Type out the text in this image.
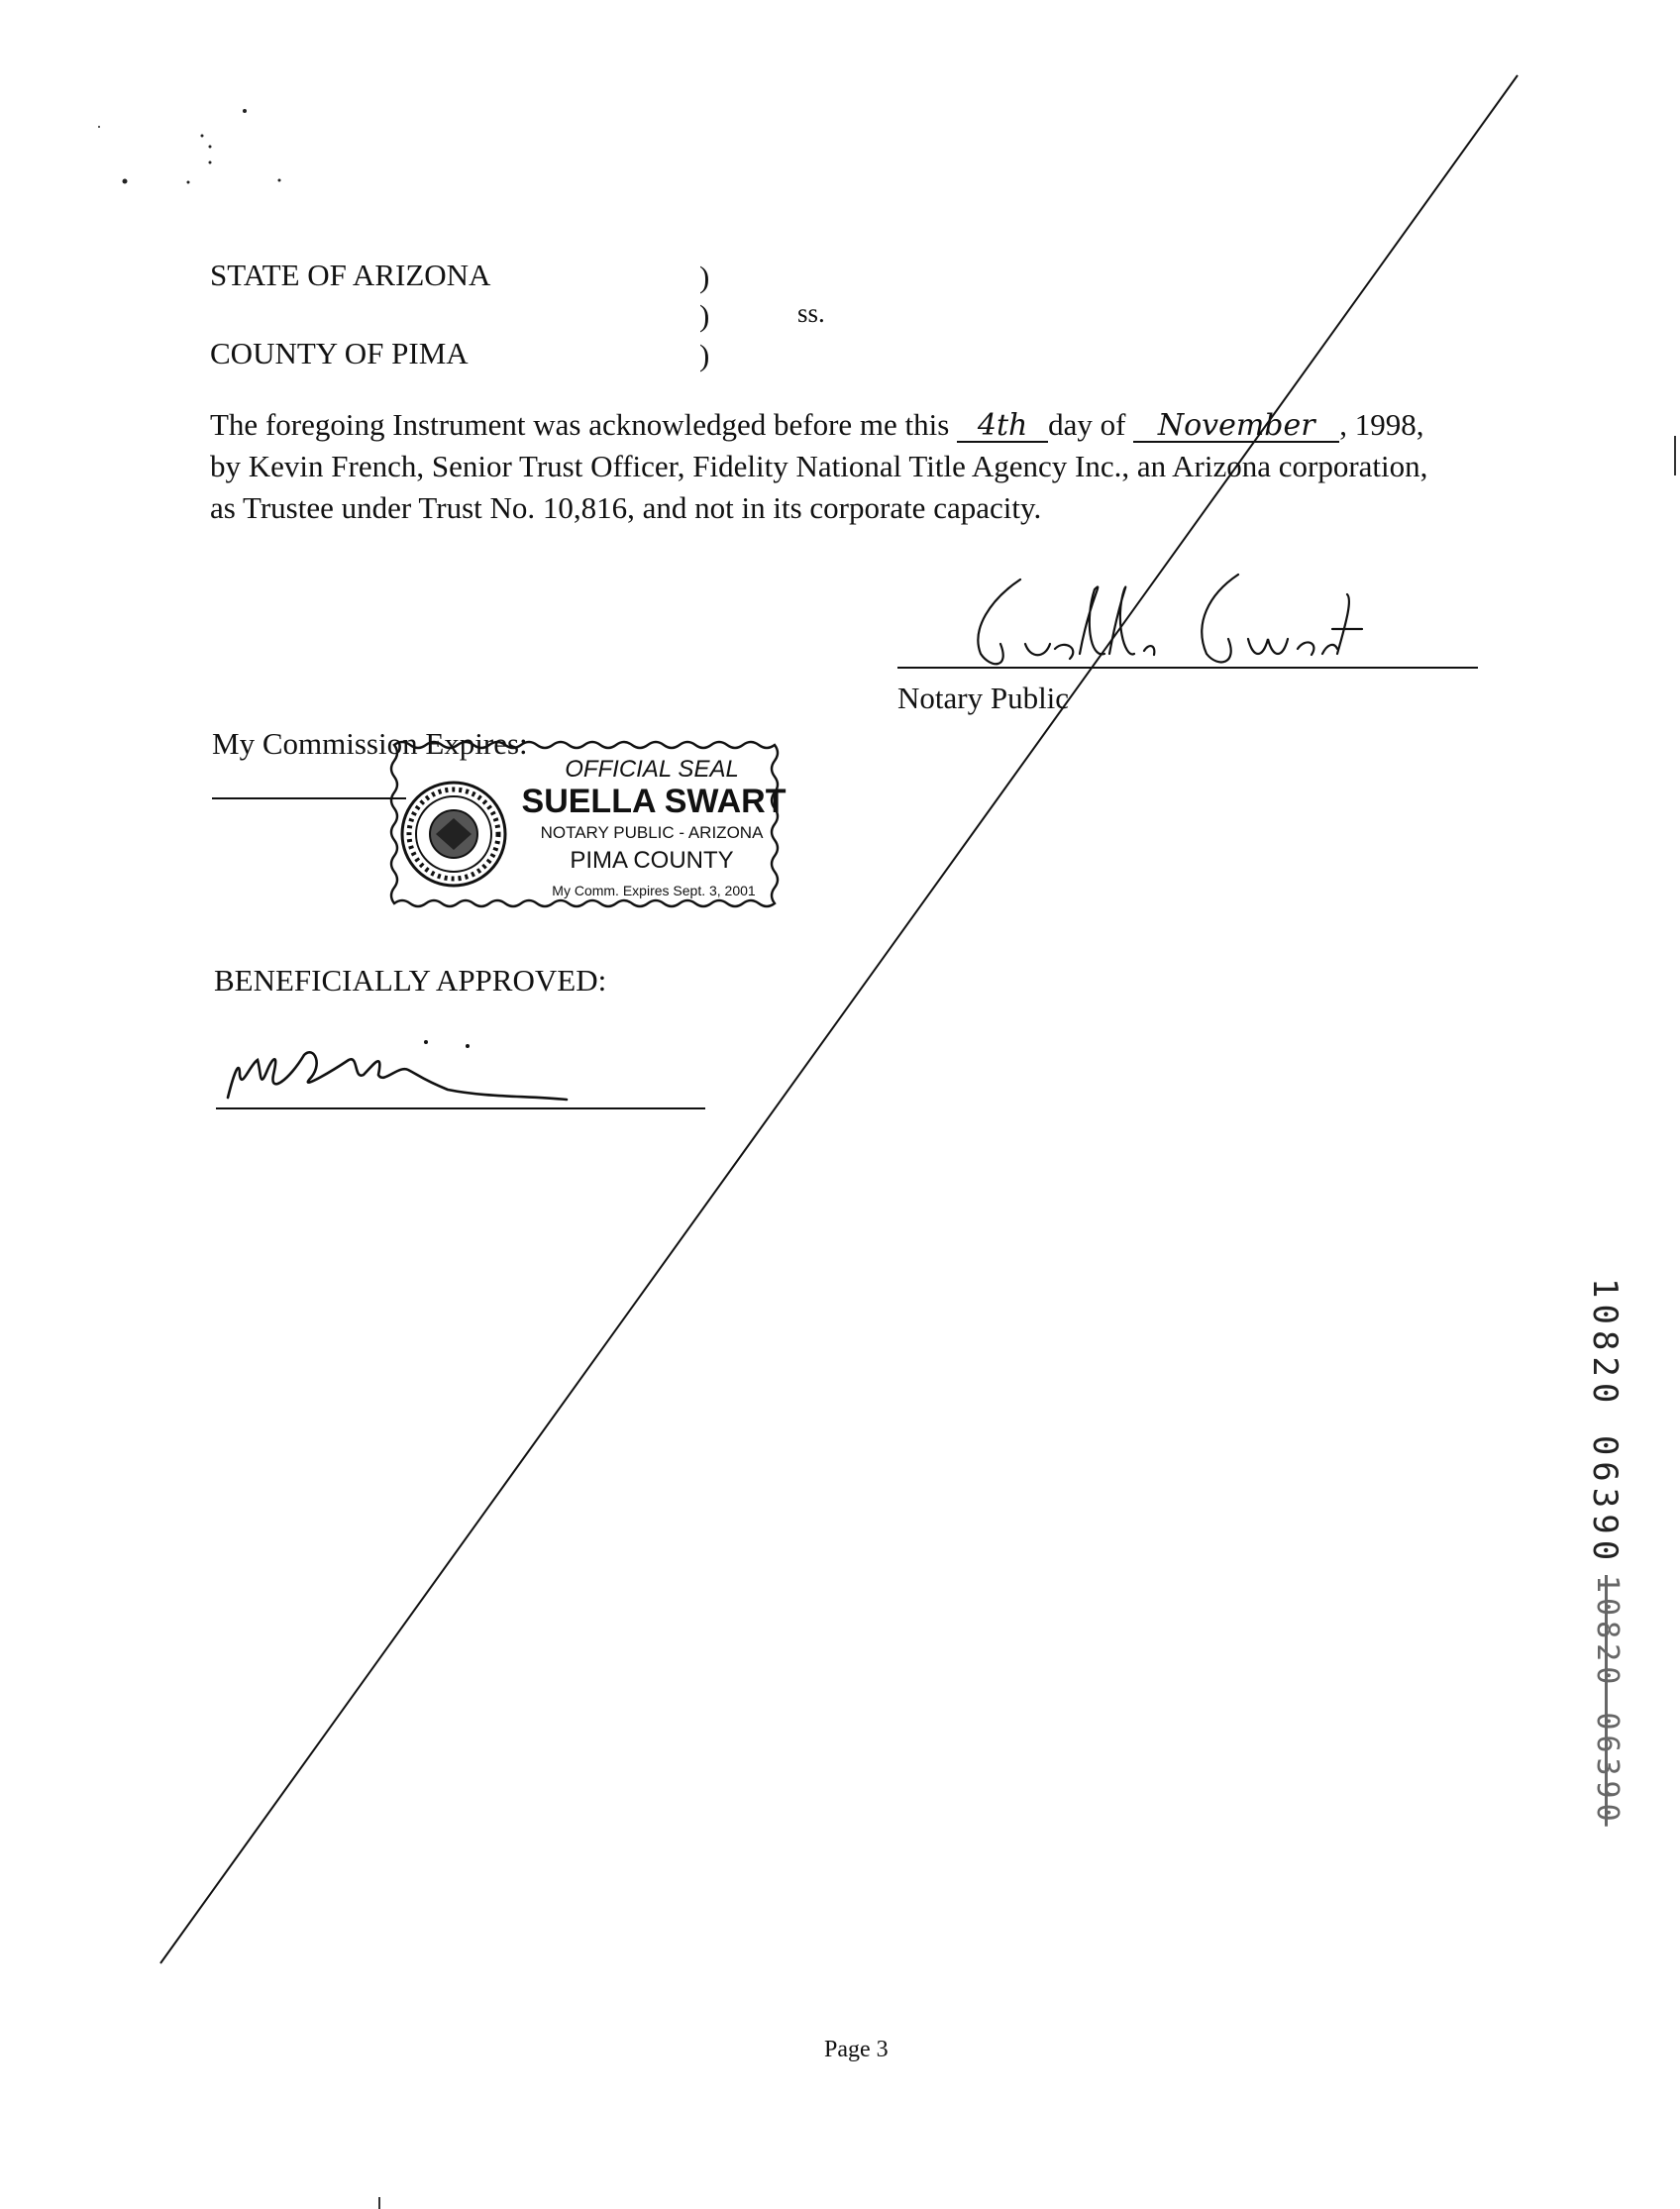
STATE OF ARIZONA
COUNTY OF PIMA
)
)
)
ss.
The foregoing Instrument was acknowledged before me this 4th day of November , 1998,
by Kevin French, Senior Trust Officer, Fidelity National Title Agency Inc., an Arizona corporation,
as Trustee under Trust No. 10,816, and not in its corporate capacity.
Notary Public
My Commission Expires:
OFFICIAL SEAL
SUELLA SWART
NOTARY PUBLIC - ARIZONA
PIMA COUNTY
My Comm. Expires Sept. 3, 2001
BENEFICIALLY APPROVED:
10820 06390
10820 06390
Page 3
